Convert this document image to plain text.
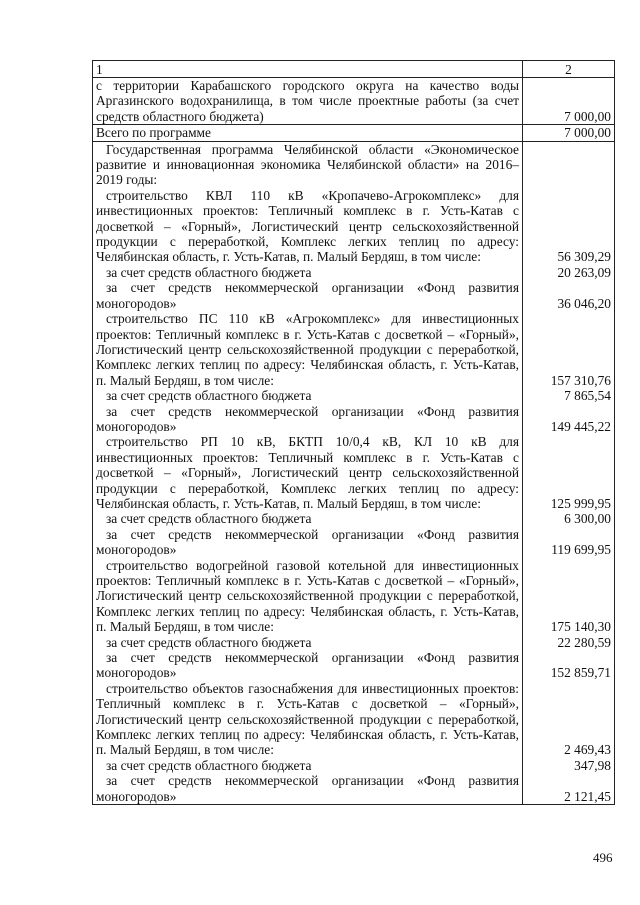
1	2
с территории Карабашского городского округа на качество воды Аргазинского водохранилища, в том числе проектные работы (за счет средств областного бюджета)	7 000,00
Всего по программе	7 000,00

Государственная программа Челябинской области «Экономическое развитие и инновационная экономика Челябинской области» на 2016–2019 годы:	

строительство КВЛ 110 кВ «Кропачево-Агрокомплекс» для инвестиционных проектов: Тепличный комплекс в г. Усть-Катав с досветкой – «Горный», Логистический центр сельскохозяйственной продукции с переработкой, Комплекс легких теплиц по адресу: Челябинская область, г. Усть-Катав, п. Малый Бердяш, в том числе:	56 309,29

за счет средств областного бюджета	20 263,09

за счет средств некоммерческой организации «Фонд развития моногородов»	36 046,20

строительство ПС 110 кВ «Агрокомплекс» для инвестиционных проектов: Тепличный комплекс в г. Усть-Катав с досветкой – «Горный», Логистический центр сельскохозяйственной продукции с переработкой, Комплекс легких теплиц по адресу: Челябинская область, г. Усть-Катав, п. Малый Бердяш, в том числе:	157 310,76

за счет средств областного бюджета	7 865,54

за счет средств некоммерческой организации «Фонд развития моногородов»	149 445,22

строительство РП 10 кВ, БКТП 10/0,4 кВ, КЛ 10 кВ для инвестиционных проектов: Тепличный комплекс в г. Усть-Катав с досветкой – «Горный», Логистический центр сельскохозяйственной продукции с переработкой, Комплекс легких теплиц по адресу: Челябинская область, г. Усть-Катав, п. Малый Бердяш, в том числе:	125 999,95

за счет средств областного бюджета	6 300,00

за счет средств некоммерческой организации «Фонд развития моногородов»	119 699,95

строительство водогрейной газовой котельной для инвестиционных проектов: Тепличный комплекс в г. Усть-Катав с досветкой – «Горный», Логистический центр сельскохозяйственной продукции с переработкой, Комплекс легких теплиц по адресу: Челябинская область, г. Усть-Катав, п. Малый Бердяш, в том числе:	175 140,30

за счет средств областного бюджета	22 280,59

за счет средств некоммерческой организации «Фонд развития моногородов»	152 859,71

строительство объектов газоснабжения для инвестиционных проектов: Тепличный комплекс в г. Усть-Катав с досветкой – «Горный», Логистический центр сельскохозяйственной продукции с переработкой, Комплекс легких теплиц по адресу: Челябинская область, г. Усть-Катав, п. Малый Бердяш, в том числе:	2 469,43

за счет средств областного бюджета	347,98

за счет средств некоммерческой организации «Фонд развития моногородов»	2 121,45
496
